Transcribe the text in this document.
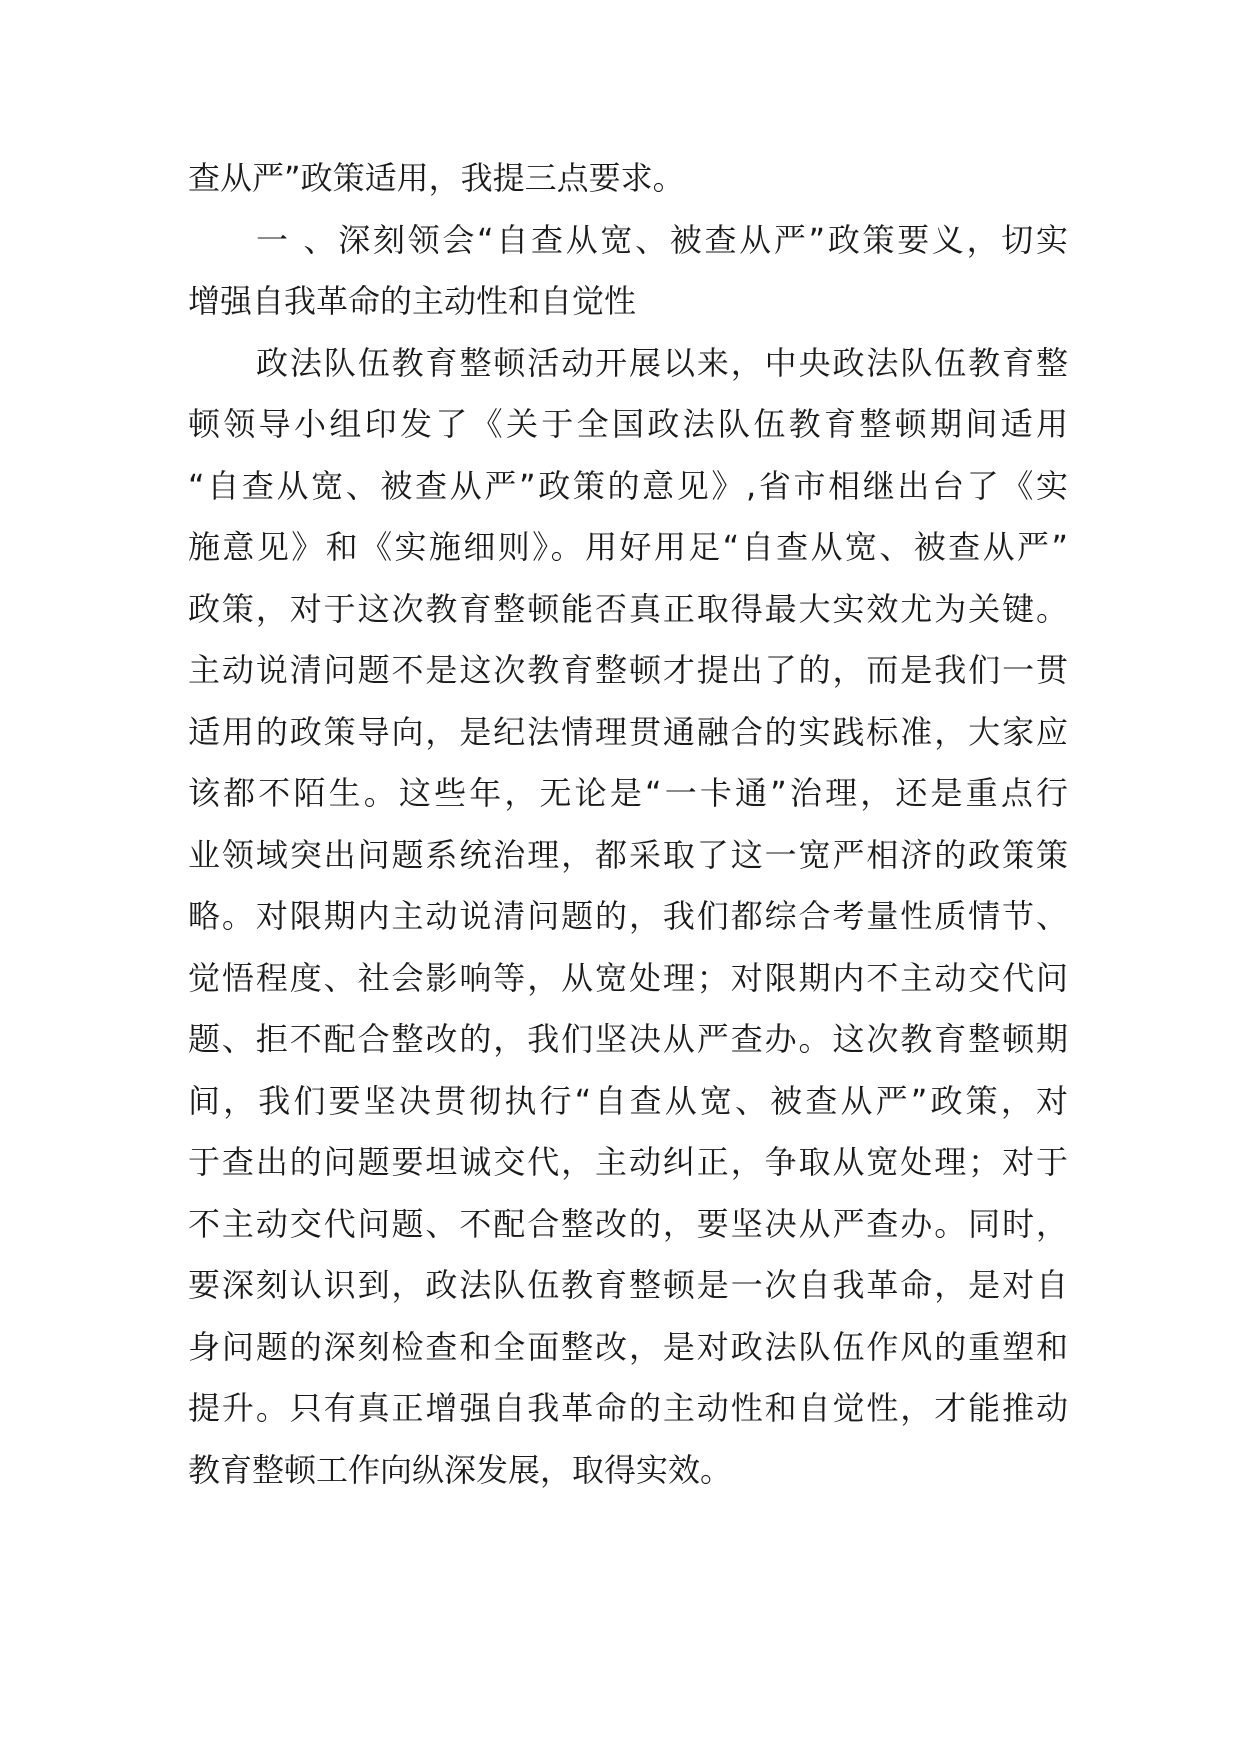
查从严”政策适用，我提三点要求。
一 、深刻领会“自查从宽、被查从严”政策要义，切实
增强自我革命的主动性和自觉性
政法队伍教育整顿活动开展以来，中央政法队伍教育整
顿领导小组印发了《关于全国政法队伍教育整顿期间适用
“自查从宽、被查从严”政策的意见》,省市相继出台了《实
施意见》和《实施细则》。用好用足“自查从宽、被查从严”
政策，对于这次教育整顿能否真正取得最大实效尤为关键。
主动说清问题不是这次教育整顿才提出了的，而是我们一贯
适用的政策导向，是纪法情理贯通融合的实践标准，大家应
该都不陌生。这些年，无论是“一卡通”治理，还是重点行
业领域突出问题系统治理，都采取了这一宽严相济的政策策
略。对限期内主动说清问题的，我们都综合考量性质情节、
觉悟程度、社会影响等，从宽处理；对限期内不主动交代问
题、拒不配合整改的，我们坚决从严查办。这次教育整顿期
间，我们要坚决贯彻执行“自查从宽、被查从严”政策，对
于查出的问题要坦诚交代，主动纠正，争取从宽处理；对于
不主动交代问题、不配合整改的，要坚决从严查办。同时，
要深刻认识到，政法队伍教育整顿是一次自我革命，是对自
身问题的深刻检查和全面整改，是对政法队伍作风的重塑和
提升。只有真正增强自我革命的主动性和自觉性，才能推动
教育整顿工作向纵深发展，取得实效。
